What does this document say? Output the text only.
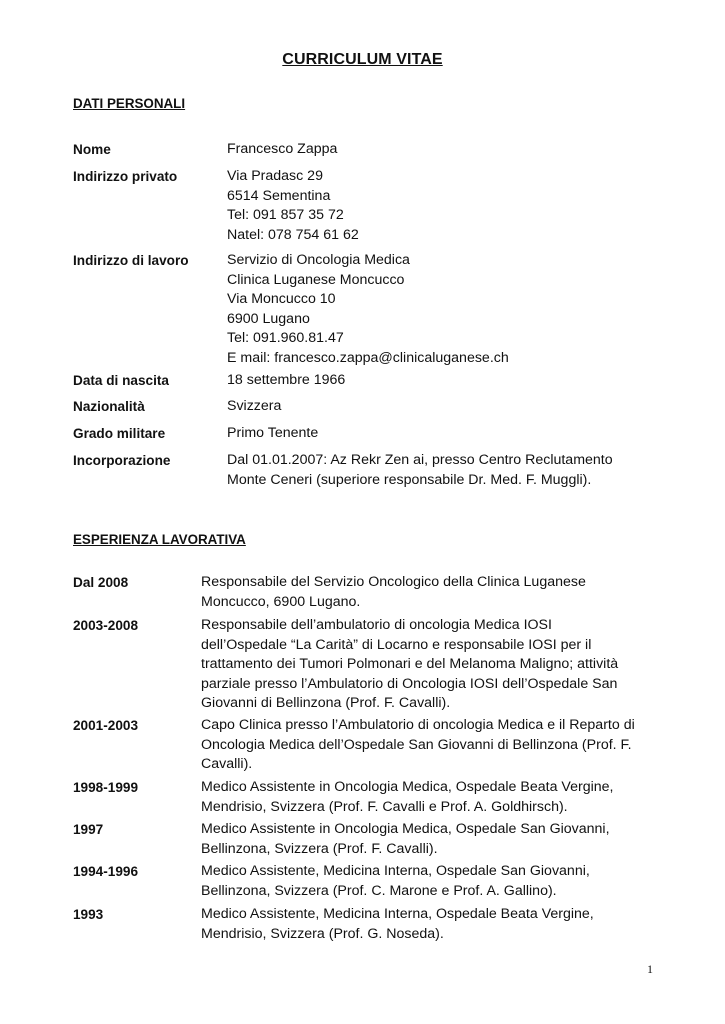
CURRICULUM VITAE
DATI PERSONALI
Nome	Francesco Zappa
Indirizzo privato	Via Pradasc 29
6514 Sementina
Tel: 091 857 35 72
Natel: 078 754 61 62
Indirizzo di lavoro	Servizio di Oncologia Medica
Clinica Luganese Moncucco
Via Moncucco 10
6900 Lugano
Tel: 091.960.81.47
E mail: francesco.zappa@clinicaluganese.ch
Data di nascita	18 settembre 1966
Nazionalità	Svizzera
Grado militare	Primo Tenente
Incorporazione	Dal 01.01.2007: Az Rekr Zen ai, presso Centro Reclutamento
Monte Ceneri (superiore responsabile Dr. Med. F. Muggli).
ESPERIENZA LAVORATIVA
Dal 2008	Responsabile del Servizio Oncologico della Clinica Luganese
Moncucco, 6900 Lugano.
2003-2008	Responsabile dell’ambulatorio di oncologia Medica IOSI
dell’Ospedale “La Carità” di Locarno e responsabile IOSI per il
trattamento dei Tumori Polmonari e del Melanoma Maligno; attività
parziale presso l’Ambulatorio di Oncologia IOSI dell’Ospedale San
Giovanni di Bellinzona (Prof. F. Cavalli).
2001-2003	Capo Clinica presso l’Ambulatorio di oncologia Medica e il Reparto di
Oncologia Medica dell’Ospedale San Giovanni di Bellinzona (Prof. F.
Cavalli).
1998-1999	Medico Assistente in Oncologia Medica, Ospedale Beata Vergine,
Mendrisio, Svizzera (Prof. F. Cavalli e Prof. A. Goldhirsch).
1997	Medico Assistente in Oncologia Medica, Ospedale San Giovanni,
Bellinzona, Svizzera (Prof. F. Cavalli).
1994-1996	Medico Assistente, Medicina Interna, Ospedale San Giovanni,
Bellinzona, Svizzera (Prof. C. Marone e Prof. A. Gallino).
1993	Medico Assistente, Medicina Interna, Ospedale Beata Vergine,
Mendrisio, Svizzera (Prof. G. Noseda).
1
